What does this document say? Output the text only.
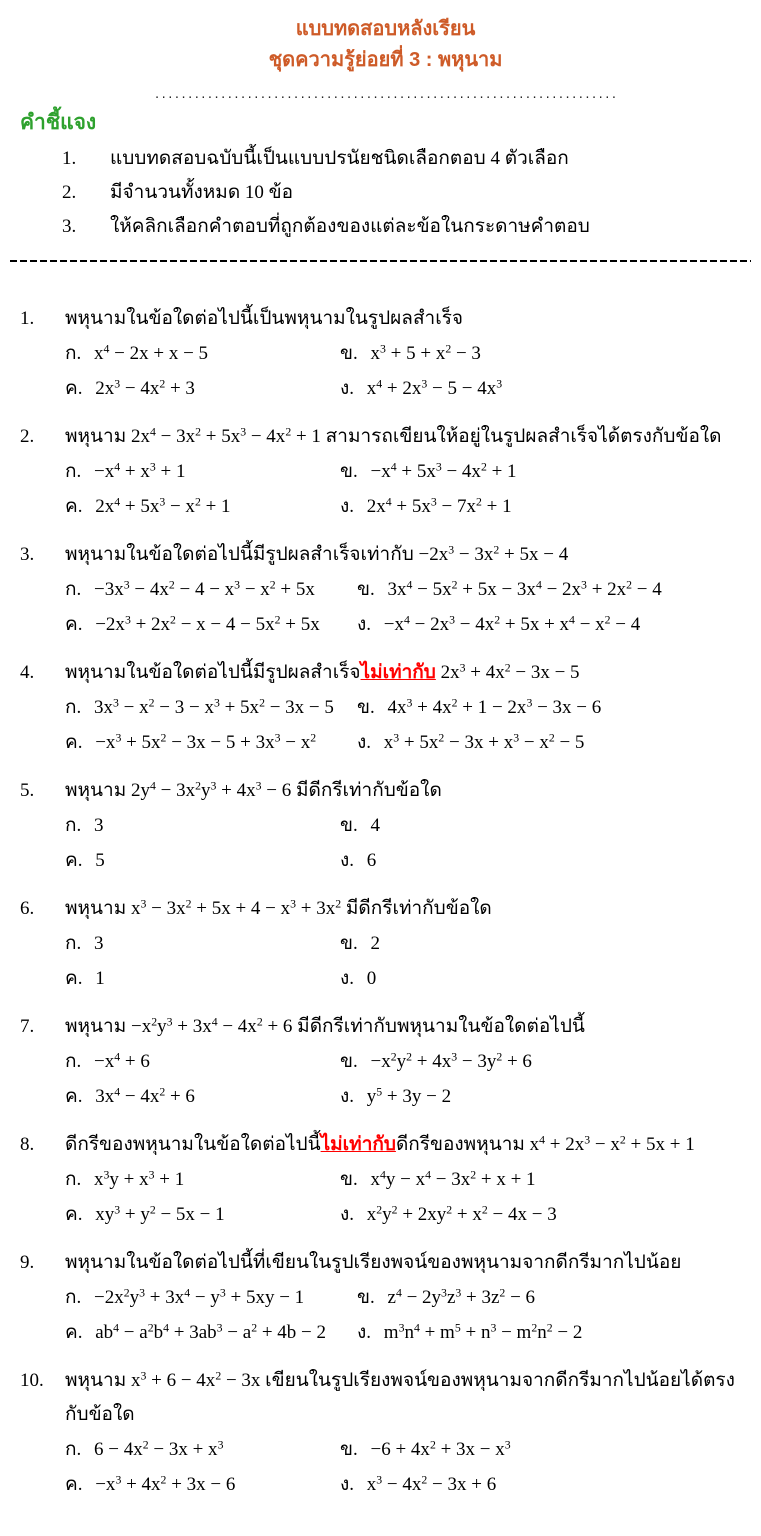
แบบทดสอบหลังเรียน
ชุดความรู้ย่อยที่ 3 : พหุนาม
......................................................................
คำชี้แจง
1.	แบบทดสอบฉบับนี้เป็นแบบปรนัยชนิดเลือกตอบ 4 ตัวเลือก
2.	มีจำนวนทั้งหมด 10 ข้อ
3.	ให้คลิกเลือกคำตอบที่ถูกต้องของแต่ละข้อในกระดาษคำตอบ
1.	พหุนามในข้อใดต่อไปนี้เป็นพหุนามในรูปผลสำเร็จ
ก. $x^4 - 2x + x - 5$	ข. $x^3 + 5 + x^2 - 3$
ค. $2x^3 - 4x^2 + 3$	ง. $x^4 + 2x^3 - 5 - 4x^3$
2.	พหุนาม $2x^4 - 3x^2 + 5x^3 - 4x^2 + 1$ สามารถเขียนให้อยู่ในรูปผลสำเร็จได้ตรงกับข้อใด
ก. $-x^4 + x^3 + 1$	ข. $-x^4 + 5x^3 - 4x^2 + 1$
ค. $2x^4 + 5x^3 - x^2 + 1$	ง. $2x^4 + 5x^3 - 7x^2 + 1$
3.	พหุนามในข้อใดต่อไปนี้มีรูปผลสำเร็จเท่ากับ $-2x^3 - 3x^2 + 5x - 4$
ก. $-3x^3 - 4x^2 - 4 - x^3 - x^2 + 5x$	ข. $3x^4 - 5x^2 + 5x - 3x^4 - 2x^3 + 2x^2 - 4$
ค. $-2x^3 + 2x^2 - x - 4 - 5x^2 + 5x$	ง. $-x^4 - 2x^3 - 4x^2 + 5x + x^4 - x^2 - 4$
4.	พหุนามในข้อใดต่อไปนี้มีรูปผลสำเร็จไม่เท่ากับ $2x^3 + 4x^2 - 3x - 5$
ก. $3x^3 - x^2 - 3 - x^3 + 5x^2 - 3x - 5$	ข. $4x^3 + 4x^2 + 1 - 2x^3 - 3x - 6$
ค. $-x^3 + 5x^2 - 3x - 5 + 3x^3 - x^2$	ง. $x^3 + 5x^2 - 3x + x^3 - x^2 - 5$
5.	พหุนาม $2y^4 - 3x^2y^3 + 4x^3 - 6$ มีดีกรีเท่ากับข้อใด
ก. 3	ข. 4
ค. 5	ง. 6
6.	พหุนาม $x^3 - 3x^2 + 5x + 4 - x^3 + 3x^2$ มีดีกรีเท่ากับข้อใด
ก. 3	ข. 2
ค. 1	ง. 0
7.	พหุนาม $-x^2y^3 + 3x^4 - 4x^2 + 6$ มีดีกรีเท่ากับพหุนามในข้อใดต่อไปนี้
ก. $-x^4 + 6$	ข. $-x^2y^2 + 4x^3 - 3y^2 + 6$
ค. $3x^4 - 4x^2 + 6$	ง. $y^5 + 3y - 2$
8.	ดีกรีของพหุนามในข้อใดต่อไปนี้ไม่เท่ากับดีกรีของพหุนาม $x^4 + 2x^3 - x^2 + 5x + 1$
ก. $x^3y + x^3 + 1$	ข. $x^4y - x^4 - 3x^2 + x + 1$
ค. $xy^3 + y^2 - 5x - 1$	ง. $x^2y^2 + 2xy^2 + x^2 - 4x - 3$
9.	พหุนามในข้อใดต่อไปนี้ที่เขียนในรูปเรียงพจน์ของพหุนามจากดีกรีมากไปน้อย
ก. $-2x^2y^3 + 3x^4 - y^3 + 5xy - 1$	ข. $z^4 - 2y^3z^3 + 3z^2 - 6$
ค. $ab^4 - a^2b^4 + 3ab^3 - a^2 + 4b - 2$	ง. $m^3n^4 + m^5 + n^3 - m^2n^2 - 2$
10.	พหุนาม $x^3 + 6 - 4x^2 - 3x$ เขียนในรูปเรียงพจน์ของพหุนามจากดีกรีมากไปน้อยได้ตรงกับข้อใด
ก. $6 - 4x^2 - 3x + x^3$	ข. $-6 + 4x^2 + 3x - x^3$
ค. $-x^3 + 4x^2 + 3x - 6$	ง. $x^3 - 4x^2 - 3x + 6$
